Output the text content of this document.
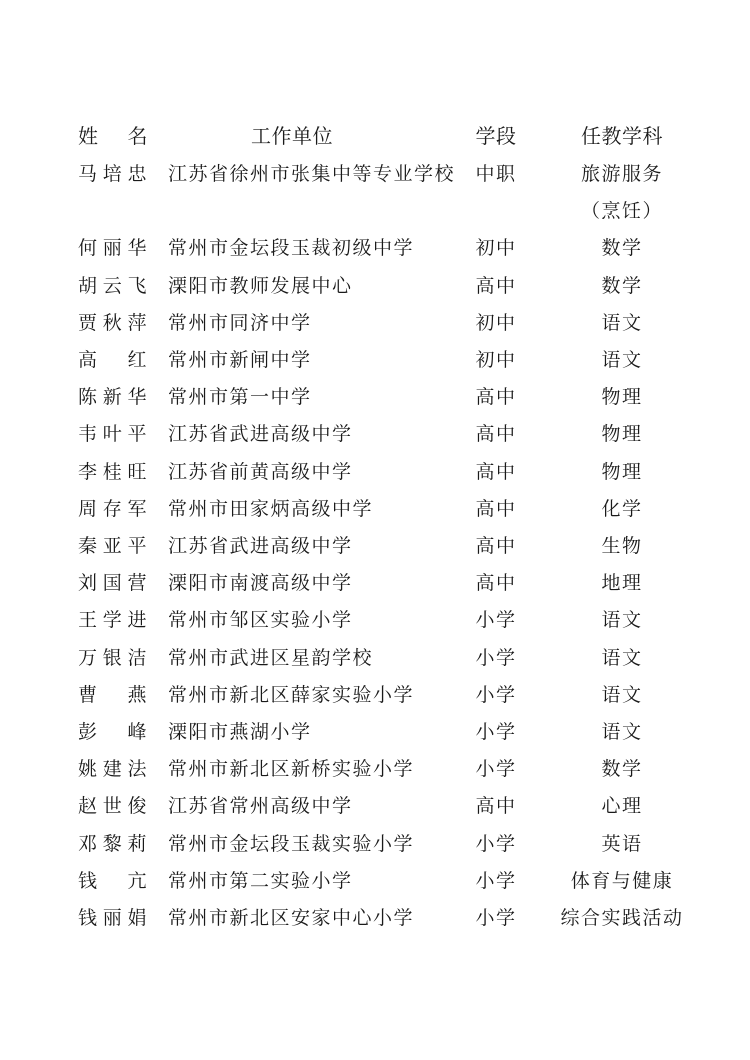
姓 名	工作单位	学段	任教学科
马培忠 江苏省徐州市张集中等专业学校 中职	旅游服务
（烹饪）
何丽华 常州市金坛段玉裁初级中学	初中	数学
胡云飞 溧阳市教师发展中心	高中	数学
贾秋萍 常州市同济中学	初中	语文
高红 常州市新闸中学	初中	语文
陈新华 常州市第一中学	高中	物理
韦叶平 江苏省武进高级中学	高中	物理
李桂旺 江苏省前黄高级中学	高中	物理
周存军 常州市田家炳高级中学	高中	化学
秦亚平 江苏省武进高级中学	高中	生物
刘国营 溧阳市南渡高级中学	高中	地理
王学进 常州市邹区实验小学	小学	语文
万银洁 常州市武进区星韵学校	小学	语文
曹燕 常州市新北区薛家实验小学	小学	语文
彭峰 溧阳市燕湖小学	小学	语文
姚建法 常州市新北区新桥实验小学	小学	数学
赵世俊 江苏省常州高级中学	高中	心理
邓黎莉 常州市金坛段玉裁实验小学	小学	英语
钱亢 常州市第二实验小学	小学	体育与健康
钱丽娟 常州市新北区安家中心小学	小学	综合实践活动
